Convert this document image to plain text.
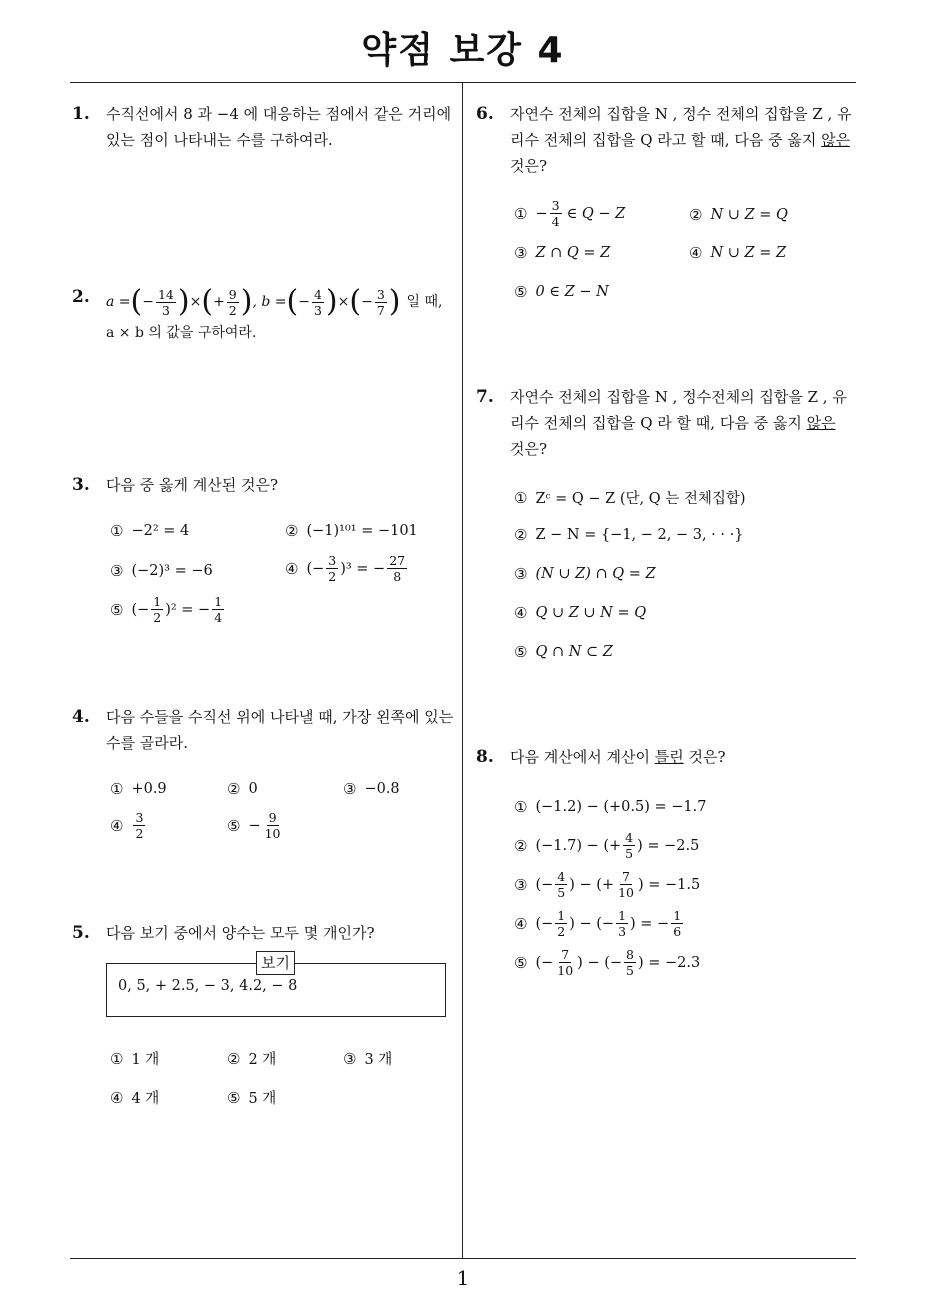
약점 보강 4
1
1. 수직선에서 8 과 −4 에 대응하는 점에서 같은 거리에
있는 점이 나타내는 수를 구하여라.
2. a = ( − $\frac{14}{3}$ ) × ( + $\frac{9}{2}$ ) , b = ( − $\frac{4}{3}$ ) × ( − $\frac{3}{7}$ ) 일 때,
a × b 의 값을 구하여라.
3. 다음 중 옳게 계산된 것은?
① −2² = 4	② (−1)¹⁰¹ = −101
③ (−2)³ = −6	④ (− $\frac{3}{2} )^3$ = − $\frac{27}{8}$
⑤ (− $\frac{1}{2} )^2$ = − $\frac{1}{4}$
4. 다음 수들을 수직선 위에 나타낼 때, 가장 왼쪽에 있는
수를 골라라.
① +0.9	② 0	③ −0.8
④ $\frac{3}{2}$	⑤ − $\frac{9}{10}$
5. 다음 보기 중에서 양수는 모두 몇 개인가?
보기
0, 5, + 2.5, − 3, 4.2, − 8
① 1 개	② 2 개	③ 3 개
④ 4 개	⑤ 5 개
6. 자연수 전체의 집합을 N , 정수 전체의 집합을 Z , 유
리수 전체의 집합을 Q 라고 할 때, 다음 중 옳지 않은
것은?
① − $\frac{3}{4}$ ∈ Q − Z	② N ∪ Z = Q
③ Z ∩ Q = Z	④ N ∪ Z = Z
⑤ 0 ∈ Z − N
7. 자연수 전체의 집합을 N , 정수전체의 집합을 Z , 유
리수 전체의 집합을 Q 라 할 때, 다음 중 옳지 않은
것은?
① Zᶜ = Q − Z (단, Q 는 전체집합)
② Z − N = {−1, − 2, − 3, · · ·}
③ (N ∪ Z) ∩ Q = Z
④ Q ∪ Z ∪ N = Q
⑤ Q ∩ N ⊂ Z
8. 다음 계산에서 계산이 틀린 것은?
① (−1.2) − (+0.5) = −1.7
② (−1.7) − (+ $\frac{4}{5}$ ) = −2.5
③ (− $\frac{4}{5}$ ) − (+ $\frac{7}{10}$ ) = −1.5
④ (− $\frac{1}{2}$ ) − (− $\frac{1}{3}$ ) = − $\frac{1}{6}$
⑤ (− $\frac{7}{10}$ ) − (− $\frac{8}{5}$ ) = −2.3
